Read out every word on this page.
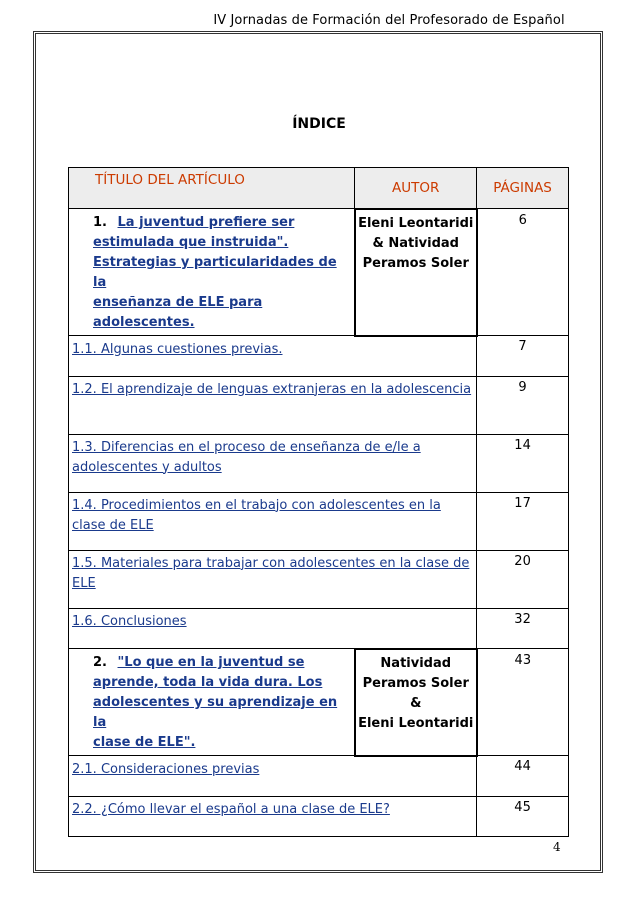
IV Jornadas de Formación del Profesorado de Español
ÍNDICE
TÍTULO DEL ARTÍCULO	AUTOR	PÁGINAS
1. La juventud prefiere ser
estimulada que instruida".
Estrategias y particularidades de la
enseñanza de ELE para
adolescentes.	Eleni Leontaridi
& Natividad
Peramos Soler	6
1.1. Algunas cuestiones previas.		7
1.2. El aprendizaje de lenguas extranjeras en la adolescencia		9
1.3. Diferencias en el proceso de enseñanza de e/le a adolescentes y adultos		14
1.4. Procedimientos en el trabajo con adolescentes en la clase de ELE		17
1.5. Materiales para trabajar con adolescentes en la clase de ELE		20
1.6. Conclusiones		32
2. "Lo que en la juventud se
aprende, toda la vida dura. Los
adolescentes y su aprendizaje en la
clase de ELE".	Natividad
Peramos Soler &
Eleni Leontaridi	43
2.1. Consideraciones previas		44
2.2. ¿Cómo llevar el español a una clase de ELE?		45
4
